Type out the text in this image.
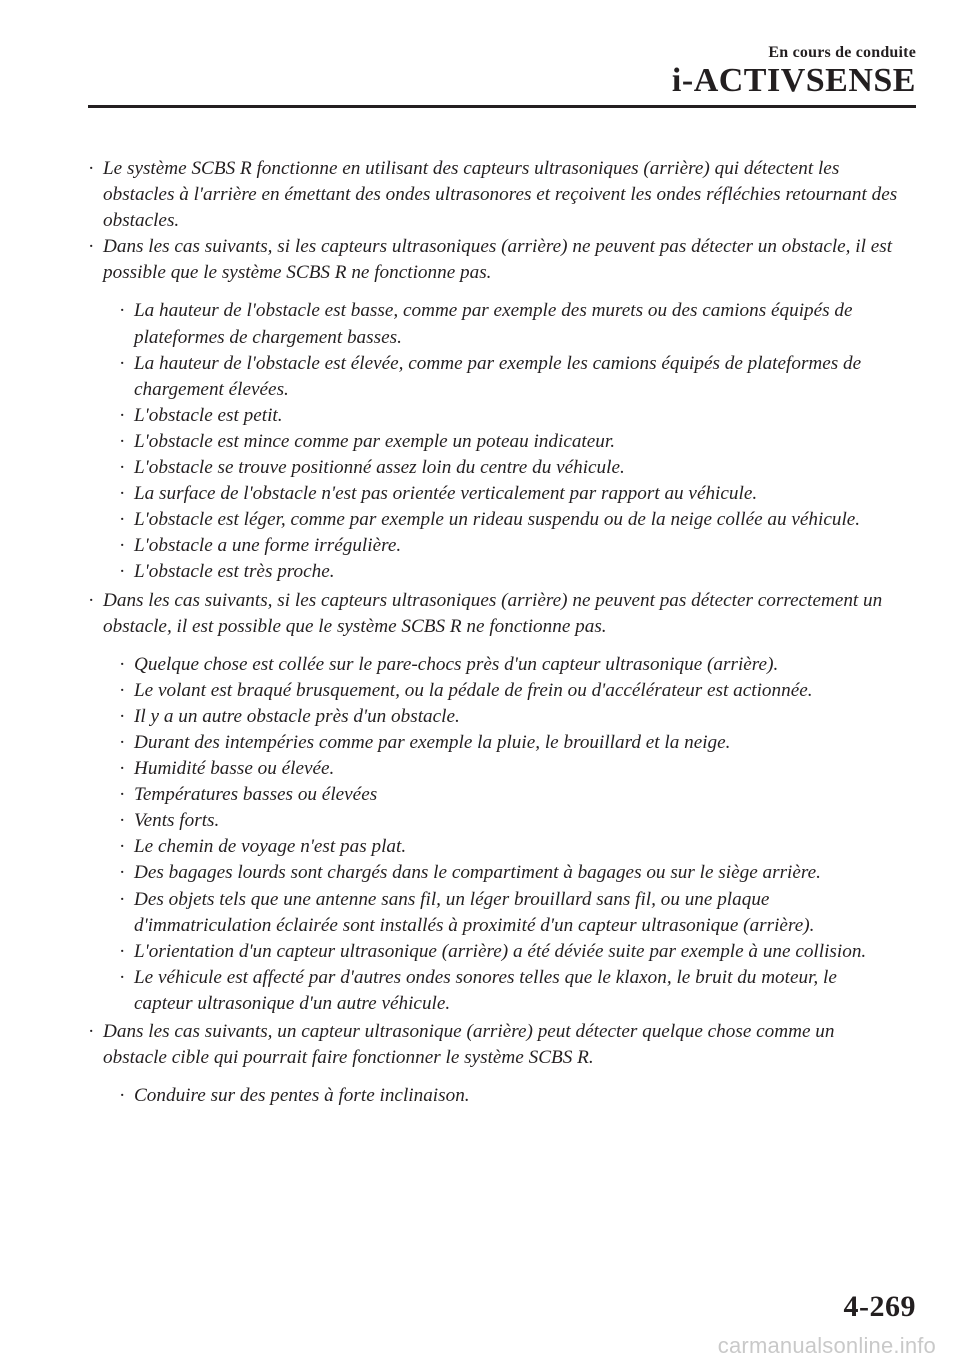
En cours de conduite
i-ACTIVSENSE
· Le système SCBS R fonctionne en utilisant des capteurs ultrasoniques (arrière) qui détectent les obstacles à l'arrière en émettant des ondes ultrasonores et reçoivent les ondes réfléchies retournant des obstacles.
· Dans les cas suivants, si les capteurs ultrasoniques (arrière) ne peuvent pas détecter un obstacle, il est possible que le système SCBS R ne fonctionne pas.
· La hauteur de l'obstacle est basse, comme par exemple des murets ou des camions équipés de plateformes de chargement basses.
· La hauteur de l'obstacle est élevée, comme par exemple les camions équipés de plateformes de chargement élevées.
· L'obstacle est petit.
· L'obstacle est mince comme par exemple un poteau indicateur.
· L'obstacle se trouve positionné assez loin du centre du véhicule.
· La surface de l'obstacle n'est pas orientée verticalement par rapport au véhicule.
· L'obstacle est léger, comme par exemple un rideau suspendu ou de la neige collée au véhicule.
· L'obstacle a une forme irrégulière.
· L'obstacle est très proche.
· Dans les cas suivants, si les capteurs ultrasoniques (arrière) ne peuvent pas détecter correctement un obstacle, il est possible que le système SCBS R ne fonctionne pas.
· Quelque chose est collée sur le pare-chocs près d'un capteur ultrasonique (arrière).
· Le volant est braqué brusquement, ou la pédale de frein ou d'accélérateur est actionnée.
· Il y a un autre obstacle près d'un obstacle.
· Durant des intempéries comme par exemple la pluie, le brouillard et la neige.
· Humidité basse ou élevée.
· Températures basses ou élevées
· Vents forts.
· Le chemin de voyage n'est pas plat.
· Des bagages lourds sont chargés dans le compartiment à bagages ou sur le siège arrière.
· Des objets tels que une antenne sans fil, un léger brouillard sans fil, ou une plaque d'immatriculation éclairée sont installés à proximité d'un capteur ultrasonique (arrière).
· L'orientation d'un capteur ultrasonique (arrière) a été déviée suite par exemple à une collision.
· Le véhicule est affecté par d'autres ondes sonores telles que le klaxon, le bruit du moteur, le capteur ultrasonique d'un autre véhicule.
· Dans les cas suivants, un capteur ultrasonique (arrière) peut détecter quelque chose comme un obstacle cible qui pourrait faire fonctionner le système SCBS R.
· Conduire sur des pentes à forte inclinaison.
4-269
carmanualsonline.info
